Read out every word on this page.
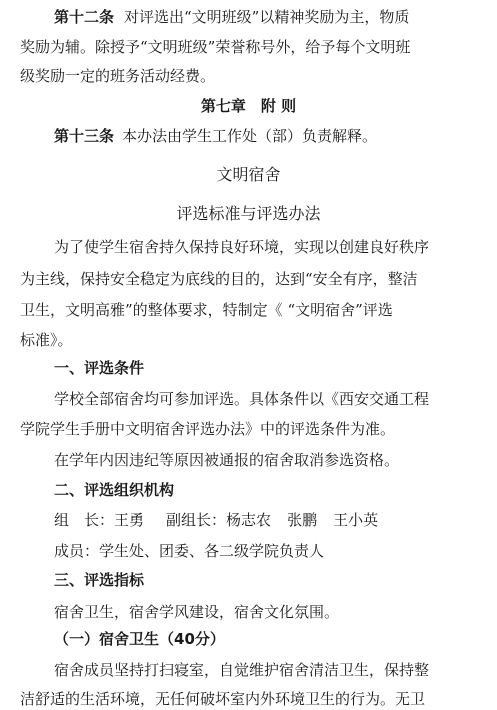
第十二条 对评选出“文明班级”以精神奖励为主，物质
奖励为辅。除授予“文明班级”荣誉称号外，给予每个文明班
级奖励一定的班务活动经费。
第七章　附 则
第十三条 本办法由学生工作处（部）负责解释。
文明宿舍
评选标准与评选办法
为了使学生宿舍持久保持良好环境，实现以创建良好秩序
为主线，保持安全稳定为底线的目的，达到“安全有序，整洁
卫生，文明高雅”的整体要求，特制定《 “文明宿舍”评选
标准》。
一、评选条件
学校全部宿舍均可参加评选。具体条件以《西安交通工程
学院学生手册中文明宿舍评选办法》中的评选条件为准。
在学年内因违纪等原因被通报的宿舍取消参选资格。
二、评选组织机构
组　长：王勇 副组长：杨志农 张鹏 王小英
成员：学生处、团委、各二级学院负责人
三、评选指标
宿舍卫生，宿舍学风建设，宿舍文化氛围。
（一）宿舍卫生（40分）
宿舍成员坚持打扫寝室，自觉维护宿舍清洁卫生，保持整
洁舒适的生活环境，无任何破坏室内外环境卫生的行为。无卫
